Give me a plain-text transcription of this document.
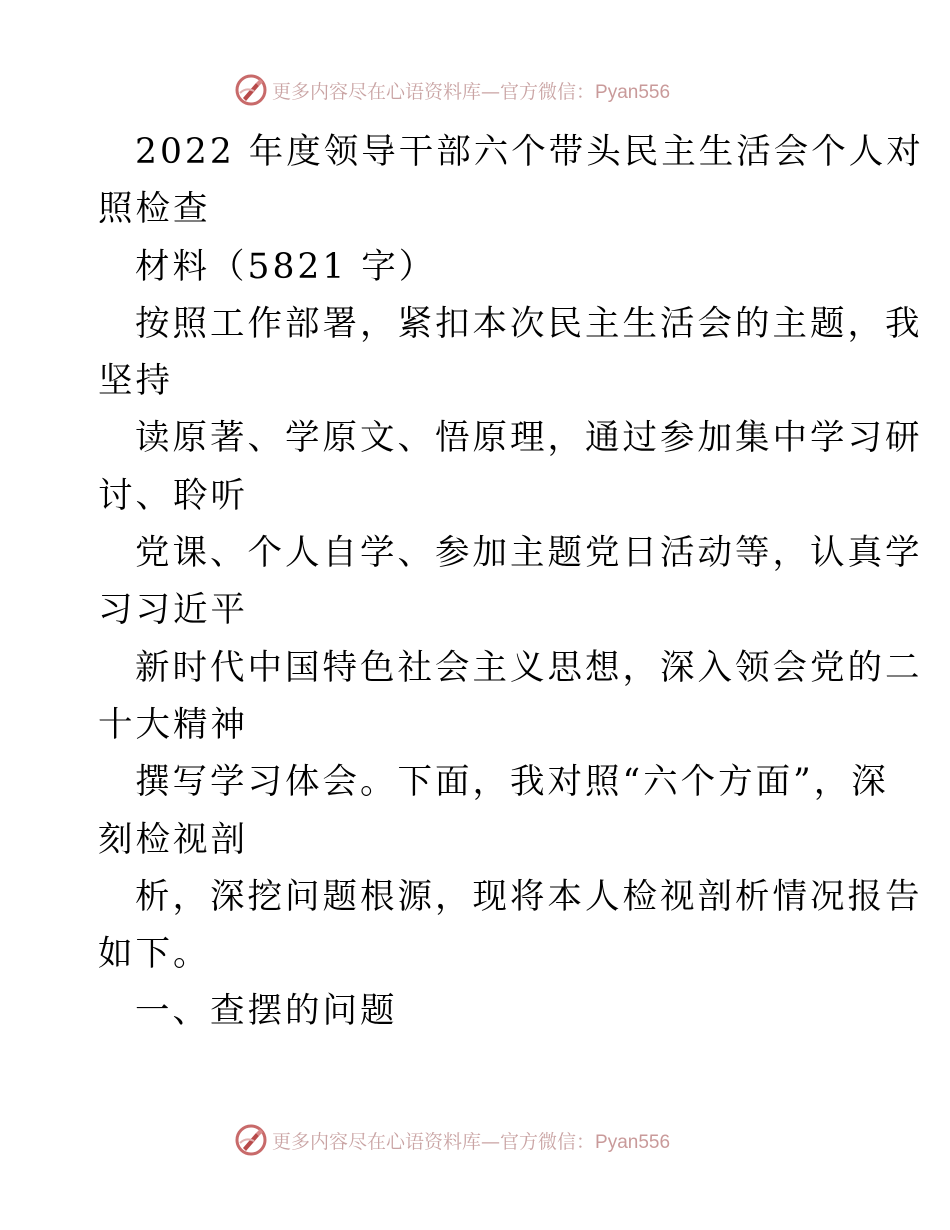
更多内容尽在心语资料库—官方微信：Pyan556
2022 年度领导干部六个带头民主生活会个人对
照检查
材料（5821 字）
按照工作部署，紧扣本次民主生活会的主题，我
坚持
读原著、学原文、悟原理，通过参加集中学习研
讨、聆听
党课、个人自学、参加主题党日活动等，认真学
习习近平
新时代中国特色社会主义思想，深入领会党的二
十大精神
撰写学习体会。下面，我对照“六个方面”，深
刻检视剖
析，深挖问题根源，现将本人检视剖析情况报告
如下。
一、查摆的问题
更多内容尽在心语资料库—官方微信：Pyan556
